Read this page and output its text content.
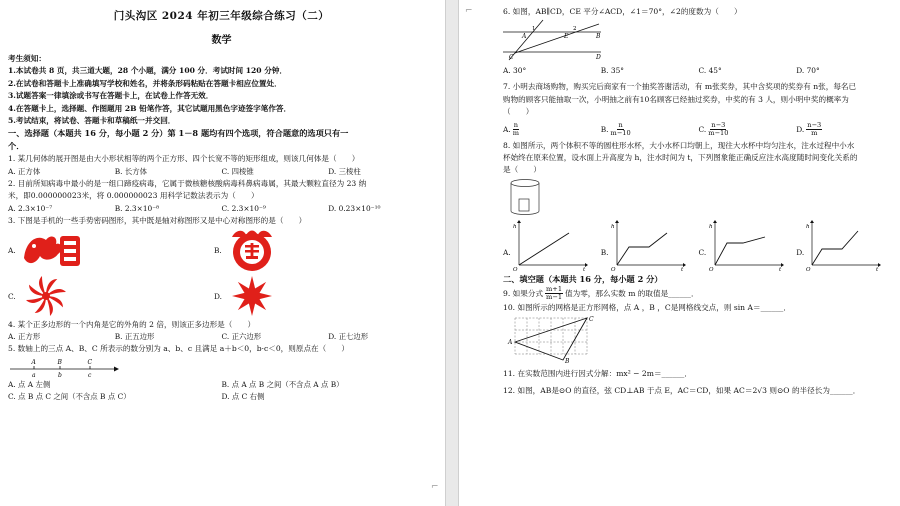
门头沟区 2024 年初三年级综合练习（二）
数学
考生须知：
1.本试卷共 8 页，共三道大题，28 个小题，满分 100 分．考试时间 120 分钟．
2.在试卷和答题卡上准确填写学校和姓名，并将条形码粘贴在答题卡相应位置处．
3.试题答案一律填涂或书写在答题卡上，在试卷上作答无效．
4.在答题卡上，选择题、作图题用 2B 铅笔作答，其它试题用黑色字迹签字笔作答．
5.考试结束，将试卷、答题卡和草稿纸一并交回．
一、选择题（本题共 16 分，每小题 2 分）第 1－8 题均有四个选项，符合题意的选项只有一
个．
1. 某几何体的展开图是由大小形状相等的两个正方形、四个长宽不等的矩形组成，则该几何体是（　　）
A. 正方体	B. 长方体	C. 四棱锥	D. 三棱柱
2. 目前所知病毒中最小的是一组口蹄疫病毒，它属于微核糖核酸病毒科鼻病毒属，其最大颗粒直径为 23 纳
米，即0.000000023米，将 0.000000023 用科学记数法表示为（　　）
A. 2.3×10⁻⁷	B. 2.3×10⁻⁸	C. 2.3×10⁻⁹	D. 0.23×10⁻¹⁰
3. 下图是手机的一些手势密码图形，其中既是轴对称图形又是中心对称图形的是（　　）
A.	B.
C.	D.
4. 某个正多边形的一个内角是它的外角的 2 倍，则该正多边形是（　　）
A. 正方形	B. 正五边形	C. 正六边形	D. 正七边形
5. 数轴上的三点 A、B、C 所表示的数分别为 a、b、c 且满足 a＋b＜0，b·c＜0，则原点在（　　）
A	B	C
a	b	c
A. 点 A 左侧	B. 点 A 点 B 之间（不含点 A 点 B）
C. 点 B 点 C 之间（不含点 B 点 C）	D. 点 C 右侧
⌐
⌐	6. 如图，AB∥CD，CE 平分∠ACD，∠1＝70°，∠2的度数为（　　）
A	B
E
C	D
1	2
A. 30°	B. 35°	C. 45°	D. 70°
7. 小明去商场购物，购买完后商家有一个抽奖答谢活动，有 m张奖券，其中含奖项的奖券有 n张，每名已
购物的顾客只能抽取一次，小明抽之前有10名顾客已经抽过奖券，中奖的有 3 人，则小明中奖的概率为
（　　）
A. $\frac{n}{m}$	B. $\frac{n}{m-10}$	C. $\frac{n-3}{m-10}$	D. $\frac{n-3}{m}$
8. 如图所示，两个体积不等的圆柱形水杯，大小水杯口均朝上，现往大水杯中均匀注水，注水过程中小水
杯始终在原来位置，设水面上升高度为 h，注水时间为 t，下列图象能正确反应注水高度随时间变化关系的
是（　　）
A.
h
t
O
B.
h
t
O
C.
h
t
O
D.
h
t
O
二、填空题（本题共 16 分，每小题 2 分）
9. 如果分式 $\frac{m+1}{m-1}$ 值为零，那么实数 m 的取值是______．
10. 如图所示的网格是正方形网格，点 A ，B ，C是网格线交点，则 sin A＝______．
A
B
C
11. 在实数范围内进行因式分解：mx² − 2m＝______．
12. 如图，AB是⊙O 的直径，弦 CD⊥AB 于点 E，AC＝CD，如果 AC＝2√3 则⊙O 的半径长为______．
